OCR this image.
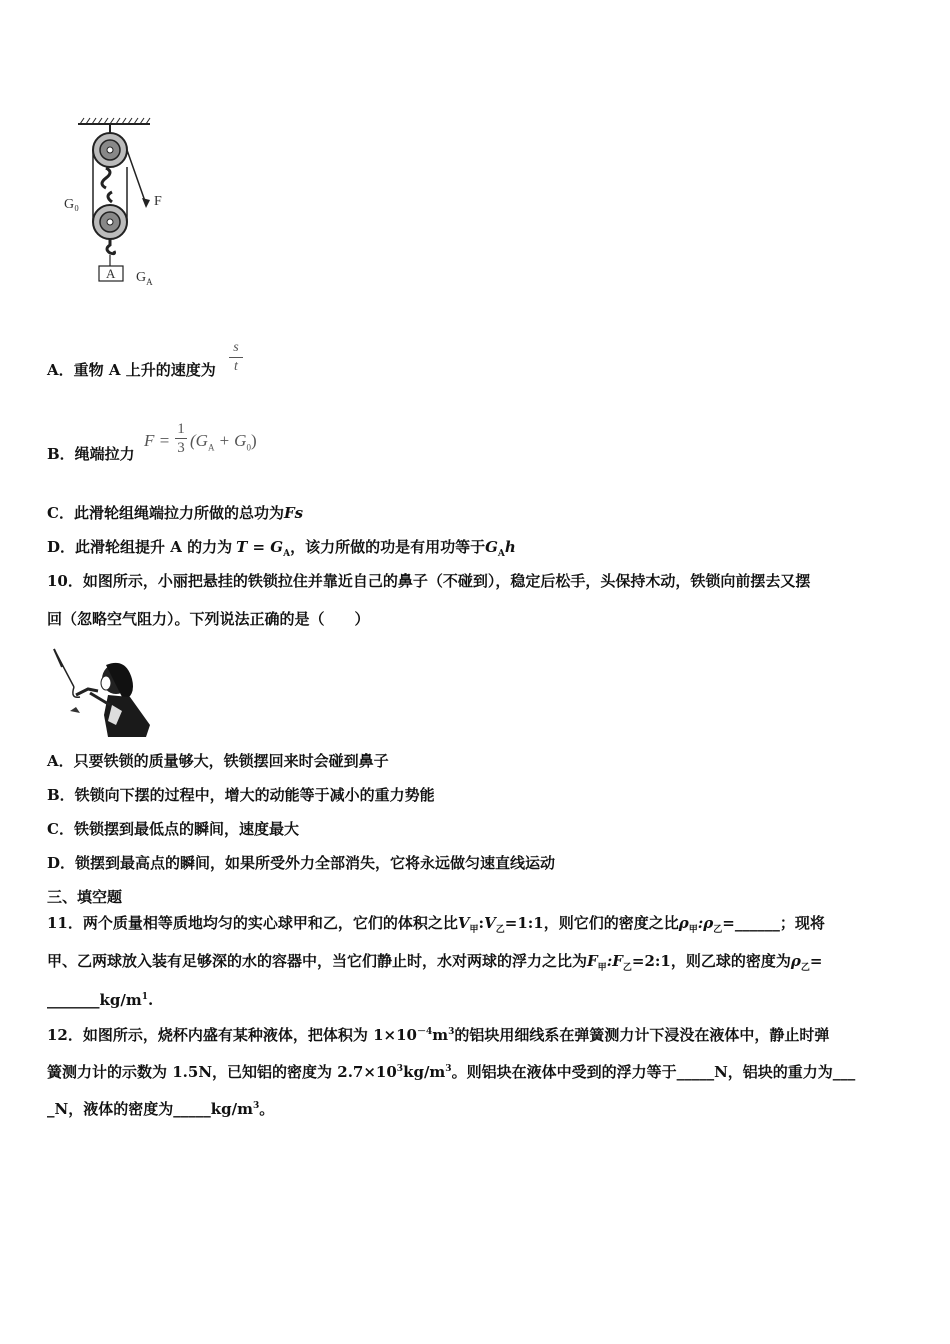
G₀	F
A $G_A$
A．重物 A 上升的速度为
s
t
B．绳端拉力
F =
1
3 $(G_A + G_0)$
C．此滑轮组绳端拉力所做的总功为Fs
D．此滑轮组提升 A 的力为 $T = G_A$，该力所做的功是有用功等于$G_Ah$
10．如图所示，小丽把悬挂的铁锁拉住并靠近自己的鼻子（不碰到），稳定后松手，头保持木动，铁锁向前摆去又摆
回（忽略空气阻力）。下列说法正确的是（　　）
A．只要铁锁的质量够大，铁锁摆回来时会碰到鼻子
B．铁锁向下摆的过程中，增大的动能等于减小的重力势能
C．铁锁摆到最低点的瞬间，速度最大
D．锁摆到最高点的瞬间，如果所受外力全部消失，它将永远做匀速直线运动
三、填空题
11．两个质量相等质地均匀的实心球甲和乙，它们的体积之比$V_甲:V_乙=1:1$，则它们的密度之比$\rho_甲:\rho_乙=\_\_\_\_\_\_$；现将
甲、乙两球放入装有足够深的水的容器中，当它们静止时，水对两球的浮力之比为$F_甲:F_乙=2:1$，则乙球的密度为$\rho_乙=$
$\_\_\_\_\_\_\_kg/m^1$.
12．如图所示，烧杯内盛有某种液体，把体积为 $1\times 10^{-4}m^3$的铝块用细线系在弹簧测力计下浸没在液体中，静止时弹
簧测力计的示数为 1.5N，已知铝的密度为 $2.7\times 10^3kg/m^3$。则铝块在液体中受到的浮力等于_____N，铝块的重力为___
_N，液体的密度为$\_\_\_\_\_kg/m^3$。
